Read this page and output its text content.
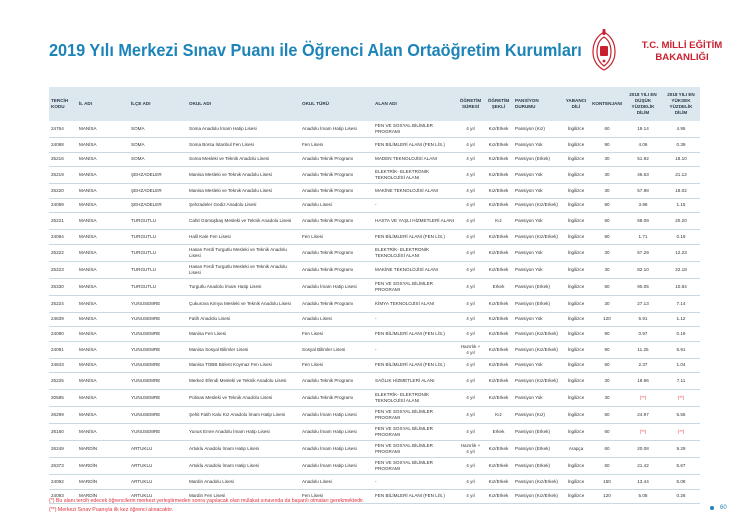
2019 Yılı Merkezi Sınav Puanı ile Öğrenci Alan Ortaöğretim Kurumları	T.C. MİLLİ EĞİTİM
BAKANLIĞI
TERCİH KODU	İL ADI	İLÇE ADI	OKUL ADI	OKUL TÜRÜ	ALAN ADI	ÖĞRETİM SÜRESİ	ÖĞRETİM ŞEKLİ	PANSİYON DURUMU	YABANCI DİLİ	KONTENJANI	2018 YILI EN DÜŞÜK YÜZDELİK DİLİM	2018 YILI EN YÜKSEK YÜZDELİK DİLİM
24764	MANİSA	SOMA	Soma Anadolu İmam Hatip Lisesi	Anadolu İmam Hatip Lisesi	FEN VE SOSYAL BİLİMLER PROGRAMI	4 yıl	Kız/Erkek	Pansiyon (Kız)	İngilizce	60	19.14	4.95
24088	MANİSA	SOMA	Soma Borsa İstanbul Fen Lisesi	Fen Lisesi	FEN BİLİMLERİ ALANI (FEN LİS.)	4 yıl	Kız/Erkek	Pansiyon Yok	İngilizce	90	4.06	0.39
25216	MANİSA	SOMA	Soma Mesleki ve Teknik Anadolu Lisesi	Anadolu Teknik Programı	MADEN TEKNOLOJİSİ ALANI	4 yıl	Kız/Erkek	Pansiyon (Erkek)	İngilizce	30	51.92	18.10
25219	MANİSA	ŞEHZADELER	Manisa Mesleki ve Teknik Anadolu Lisesi	Anadolu Teknik Programı	ELEKTRİK- ELEKTRONİK TEKNOLOJİSİ ALANI	4 yıl	Kız/Erkek	Pansiyon Yok	İngilizce	30	46.63	21.12
25220	MANİSA	ŞEHZADELER	Manisa Mesleki ve Teknik Anadolu Lisesi	Anadolu Teknik Programı	MAKİNE TEKNOLOJİSİ ALANI	4 yıl	Kız/Erkek	Pansiyon Yok	İngilizce	30	57.98	18.02
24089	MANİSA	ŞEHZADELER	Şehzadeler Gediz Anadolu Lisesi	Anadolu Lisesi	-	4 yıl	Kız/Erkek	Pansiyon (Kız/Erkek)	İngilizce	90	3.98	1.15
25221	MANİSA	TURGUTLU	Cahit Gümüşbaş Mesleki ve Teknik Anadolu Lisesi	Anadolu Teknik Programı	HASTA VE YAŞLI HİZMETLERİ ALANI	4 yıl	Kız	Pansiyon Yok	İngilizce	60	68.09	20.20
24094	MANİSA	TURGUTLU	Halil Kale Fen Lisesi	Fen Lisesi	FEN BİLİMLERİ ALANI (FEN LİS.)	4 yıl	Kız/Erkek	Pansiyon (Kız/Erkek)	İngilizce	90	1.71	0.19
25222	MANİSA	TURGUTLU	Hasan Ferdi Turgutlu Mesleki ve Teknik Anadolu Lisesi	Anadolu Teknik Programı	ELEKTRİK- ELEKTRONİK TEKNOLOJİSİ ALANI	4 yıl	Kız/Erkek	Pansiyon Yok	İngilizce	30	57.29	12.23
25223	MANİSA	TURGUTLU	Hasan Ferdi Turgutlu Mesleki ve Teknik Anadolu Lisesi	Anadolu Teknik Programı	MAKİNE TEKNOLOJİSİ ALANI	4 yıl	Kız/Erkek	Pansiyon Yok	İngilizce	30	82.10	22.18
25330	MANİSA	TURGUTLU	Turgutlu Anadolu İmam Hatip Lisesi	Anadolu İmam Hatip Lisesi	FEN VE SOSYAL BİLİMLER PROGRAMI	4 yıl	Erkek	Pansiyon (Erkek)	İngilizce	60	90.05	10.84
25224	MANİSA	YUNUSEMRE	Çukurova Kimya Mesleki ve Teknik Anadolu Lisesi	Anadolu Teknik Programı	KİMYA TEKNOLOJİSİ ALANI	4 yıl	Kız/Erkek	Pansiyon (Erkek)	İngilizce	30	27.13	7.14
24839	MANİSA	YUNUSEMRE	Fatih Anadolu Lisesi	Anadolu Lisesi	-	4 yıl	Kız/Erkek	Pansiyon Yok	İngilizce	120	5.91	1.12
24090	MANİSA	YUNUSEMRE	Manisa Fen Lisesi	Fen Lisesi	FEN BİLİMLERİ ALANI (FEN LİS.)	4 yıl	Kız/Erkek	Pansiyon (Kız/Erkek)	İngilizce	90	0.97	0.19
24091	MANİSA	YUNUSEMRE	Manisa Sosyal Bilimler Lisesi	Sosyal Bilimler Lisesi	-	Hazırlık + 4 yıl	Kız/Erkek	Pansiyon (Kız/Erkek)	İngilizce	90	11.25	5.91
24843	MANİSA	YUNUSEMRE	Manisa TOBB Bülent Koymaz Fen Lisesi	Fen Lisesi	FEN BİLİMLERİ ALANI (FEN LİS.)	4 yıl	Kız/Erkek	Pansiyon Yok	İngilizce	60	2.37	1.04
25225	MANİSA	YUNUSEMRE	Merkez Efendi Mesleki ve Teknik Anadolu Lisesi	Anadolu Teknik Programı	SAĞLIK HİZMETLERİ ALANI	4 yıl	Kız/Erkek	Pansiyon (Kız/Erkek)	İngilizce	30	18.96	7.11
20585	MANİSA	YUNUSEMRE	Polinas Mesleki ve Teknik Anadolu Lisesi	Anadolu Teknik Programı	ELEKTRİK- ELEKTRONİK TEKNOLOJİSİ ALANI	4 yıl	Kız/Erkek	Pansiyon Yok	İngilizce	30	(**)	(**)
26299	MANİSA	YUNUSEMRE	Şehit Fatih Kalu Kız Anadolu İmam Hatip Lisesi	Anadolu İmam Hatip Lisesi	FEN VE SOSYAL BİLİMLER PROGRAMI	4 yıl	Kız	Pansiyon (Kız)	İngilizce	60	24.97	5.55
26160	MANİSA	YUNUSEMRE	Yunus Emre Anadolu İmam Hatip Lisesi	Anadolu İmam Hatip Lisesi	FEN VE SOSYAL BİLİMLER PROGRAMI	4 yıl	Erkek	Pansiyon (Erkek)	İngilizce	60	(**)	(**)
26249	MARDİN	ARTUKLU	Artuklu Anadolu İmam Hatip Lisesi	Anadolu İmam Hatip Lisesi	FEN VE SOSYAL BİLİMLER PROGRAMI	Hazırlık + 4 yıl	Kız/Erkek	Pansiyon (Erkek)	Arapça	60	20.08	9.29
26373	MARDİN	ARTUKLU	Artuklu Anadolu İmam Hatip Lisesi	Anadolu İmam Hatip Lisesi	FEN VE SOSYAL BİLİMLER PROGRAMI	4 yıl	Kız/Erkek	Pansiyon (Erkek)	İngilizce	60	21.42	5.67
24092	MARDİN	ARTUKLU	Mardin Anadolu Lisesi	Anadolu Lisesi	-	4 yıl	Kız/Erkek	Pansiyon (Kız/Erkek)	İngilizce	150	13.44	5.08
24093	MARDİN	ARTUKLU	Mardin Fen Lisesi	Fen Lisesi	FEN BİLİMLERİ ALANI (FEN LİS.)	4 yıl	Kız/Erkek	Pansiyon (Kız/Erkek)	İngilizce	120	5.08	0.26
(*) Bu alanı tercih edecek öğrencilerin merkezi yerleştirmeden sonra yapılacak olan mülakat sınavında da başarılı olmaları gerekmektedir.
(**) Merkezi Sınav Puanıyla ilk kez öğrenci alınacaktır.	60
